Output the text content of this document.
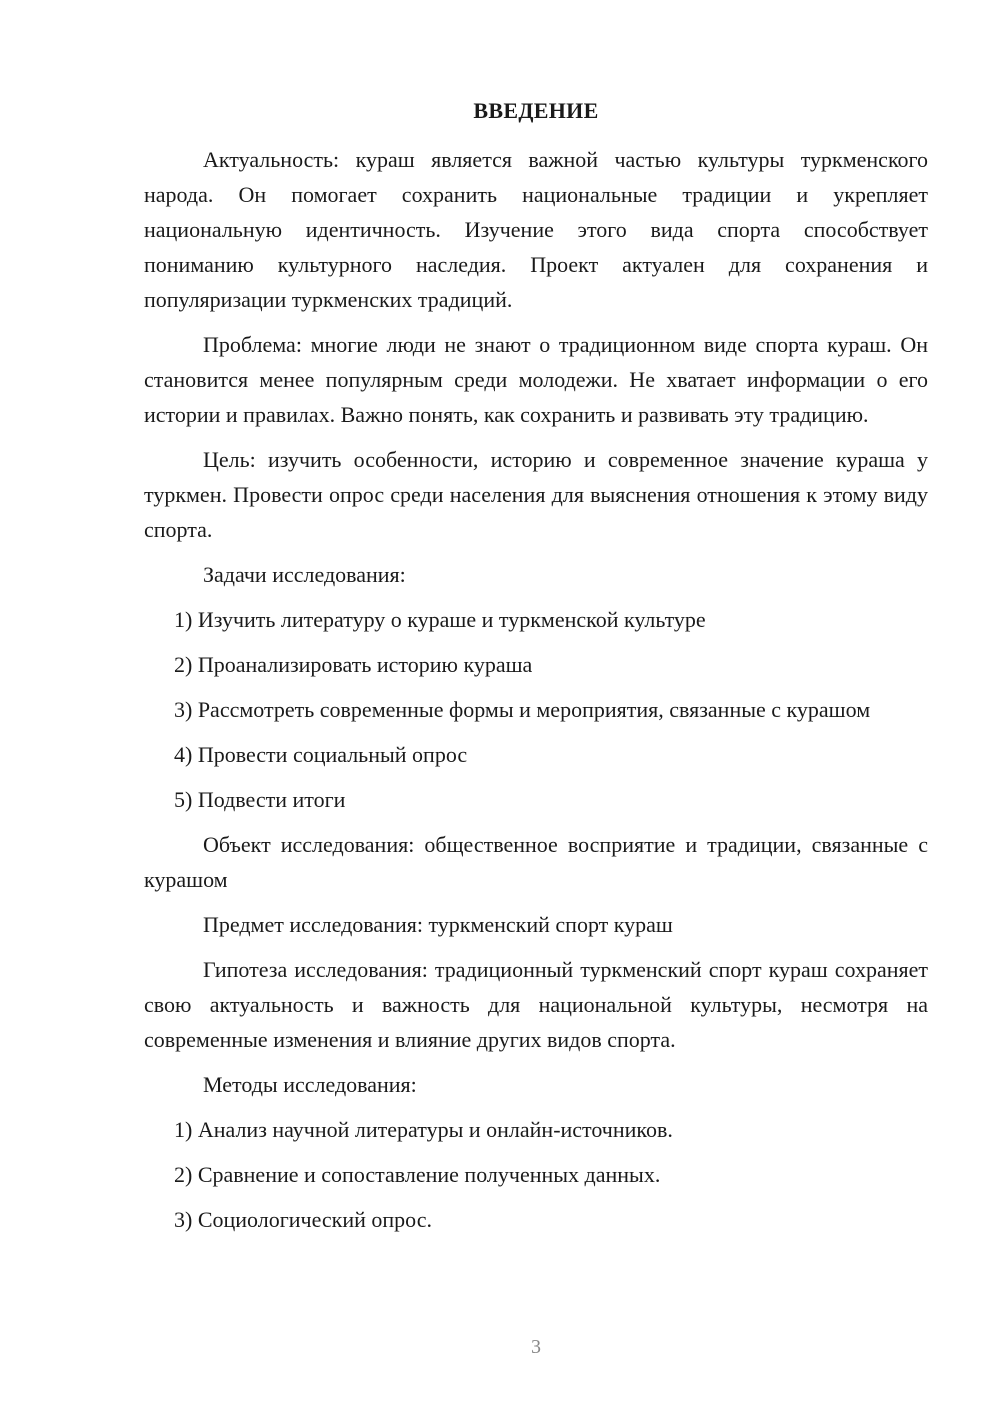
ВВЕДЕНИЕ

Актуальность: кураш является важной частью культуры туркменского народа. Он помогает сохранить национальные традиции и укрепляет национальную идентичность. Изучение этого вида спорта способствует пониманию культурного наследия. Проект актуален для сохранения и популяризации туркменских традиций.

Проблема: многие люди не знают о традиционном виде спорта кураш. Он становится менее популярным среди молодежи. Не хватает информации о его истории и правилах. Важно понять, как сохранить и развивать эту традицию.

Цель: изучить особенности, историю и современное значение кураша у туркмен. Провести опрос среди населения для выяснения отношения к этому виду спорта.

Задачи исследования:

1) Изучить литературу о кураше и туркменской культуре

2) Проанализировать историю кураша

3) Рассмотреть современные формы и мероприятия, связанные с курашом

4) Провести социальный опрос

5) Подвести итоги

Объект исследования: общественное восприятие и традиции, связанные с курашом

Предмет исследования: туркменский спорт кураш

Гипотеза исследования: традиционный туркменский спорт кураш сохраняет свою актуальность и важность для национальной культуры, несмотря на современные изменения и влияние других видов спорта.

Методы исследования:

1) Анализ научной литературы и онлайн-источников.

2) Сравнение и сопоставление полученных данных.

3) Социологический опрос.

3
